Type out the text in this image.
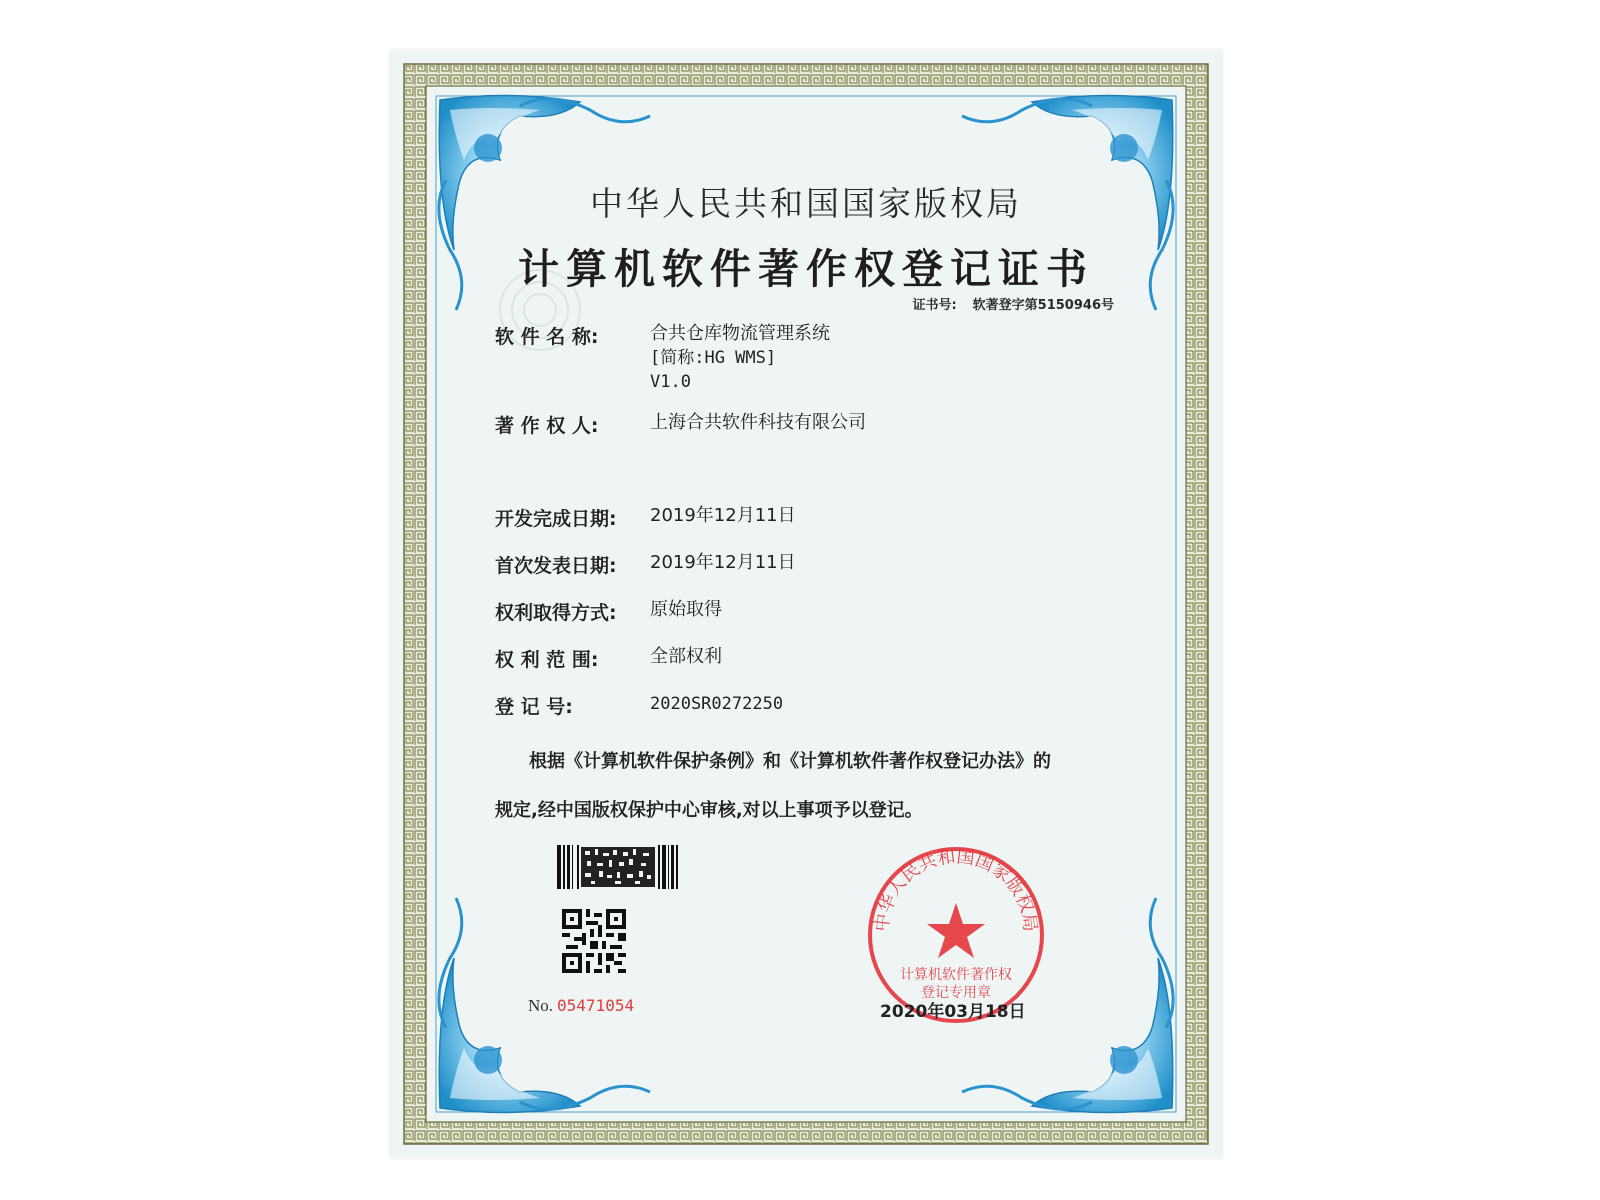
中华人民共和国国家版权局
计算机软件著作权登记证书
证书号: 软著登字第5150946号
软 件 名 称:	合共仓库物流管理系统
[简称:HG WMS]
V1.0
著 作 权 人:	上海合共软件科技有限公司
开发完成日期:	2019年12月11日
首次发表日期:	2019年12月11日
权利取得方式:	原始取得
权 利 范 围:	全部权利
登 记 号:	2020SR0272250
根据《计算机软件保护条例》和《计算机软件著作权登记办法》的
规定,经中国版权保护中心审核,对以上事项予以登记。
No. 05471054
中华人民共和国国家版权局
计算机软件著作权
登记专用章
2020年03月18日
